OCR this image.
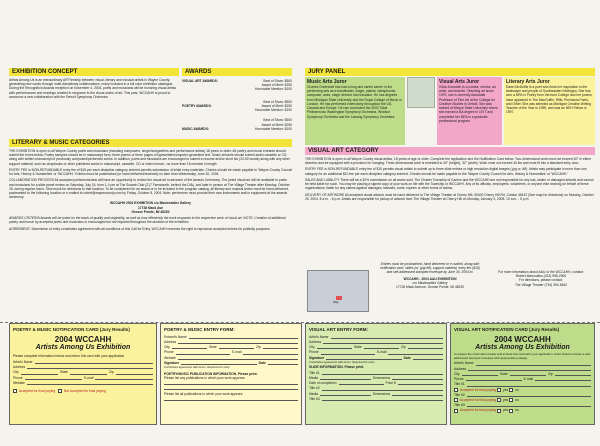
EXHIBITION CONCEPT

Artists Among Us is an extraordinary ART'tenship between visual, literary and musical artists in Wayne County, generating new works through multi-disciplinary collaborations, many included in a full color exhibition catalogue. During the Recognition Awards reception on November 4, 2004, poets and musicians will be honoring visual artists with performances and readings created in response to the visual works of art. This year, WCCAHH is proud to announce a new collaboration with the Detroit Symphony Orchestra.

AWARDS
VISUAL ART AWARDS:	Best of Show: $500
Award of Merit: $250
Honorable Mention: $100
POETRY AWARDS:
Best of Show: $500
Award of Merit: $250
Honorable Mention: $100
MUSIC AWARDS:
Best of Show: $500
Award of Merit: $250
Honorable Mention: $100
LITERARY & MUSIC CATEGORIES

THE EXHIBITION is open to all Wayne County poets and musicians (including composers, singer/songwriters and performance artists) 18 years or older. All poetry and music entrants should submit the forms below. Poetry samples should be in manuscript form, three poems or three pages of typewritten/computer-generated text. Music entrants should submit audio cassette or CD, along with written manuscript of previously composed/performed works. In addition, poets and musicians are encouraged to submit a resume and/or short bio (20-50 words) along with any other support material, such as chapbooks or other published works in manuscript, cassette, CD or video format - no more than 15 minutes in length.

ENTRY FEE is NON-REFUNDABLE entry fee of $15 per each discipline category entered permits submission of initial entry materials. Checks should be made payable to 'Wayne County Council for Arts, History & Humanities' or 'WCCAHH.' Entries must be postmarked (or hand delivered/received) no later than Wednesday, June 30, 2004.

COLLABORATION PROCESS All accepted poets/musicians will have an opportunity to review the visual art in advance of the Awards Ceremony. The juried visual art will be available to poets and musicians for a slide panel review on Saturday, July 24, from 1-4 pm at The Scarab Club (217 Farnsworth, behind the DIA), and later in person at The Village Theater after Monday, October 28, during regular hours. Give mock for directions to that location. To be considered for an award or to be included in the program catalog, all literary and musical works must be hand-delivered, postmarked to the following location or e-mailed to robert@waynecounty.com by Friday, October 8, 2004. Note: performers must provide their own instruments and/or equipment at the awards ceremony.

WCCAHH 2004 EXHIBITION c/o Masiecadiez Gallery
17728 Mack Ave
Grosse Pointe, MI 48230

AWARDS CRITERIA Awards will be juried on the basis of quality and originality, as well as how effectively the work responds to the respective work of visual art. NOTE: Creation of additional poetry and music by accepted poets and musicians is encouraged but not required throughout the duration of the exhibition.

AGREEMENT: Submission of entry constitutes agreement with all conditions of this Call for Entry. WCCAHH reserves the right to reproduce accepted entries for publicity purposes.

JURY PANEL
Music Arts Juror
Charles Greenwell has had a long and varied career in the performing arts as a bandleader, singer, pianist, vibraphonist, composer, actor, stage director and educator. He has degrees from Michigan State University and the Royal College of Music in London. He has performed extensively throughout the US, Canada and Europe. He has conducted the 2002 Tokai Philharmonic Washington Symphony Orchestra, Windsor Symphony Orchestra and the Lansing Symphony Orchestra.
Visual Arts Juror
Gilda Snowden is a curator, mentor, an artist, and teacher. Teaching art since 1979, she is currently Associate Professor of Fine Art at the College for Creative Studies in Detroit. She was trained at Wayne State University where she earned a BA degree in 1977 and completed her MFA in a graduate professional program.
Literary Arts Juror
Dawn McDuffie is a poet who finds her inspiration in the landscape and people of Southeastern Michigan. She has won a MFA in Poetry from Vermont College and her poems have appeared in The MacGuffin, Riffs, Peninsula Poets, and Other. She was selected as Michigan Creative Writing Teacher of the Year in 1999, and was an NEH Fellow in 1997.
VISUAL ART CATEGORY

THE EXHIBITION is open to all Wayne County visual artists, 18 years of age or older. Complete the application and the Notification Card below. Two-dimensional work must not exceed 40" in either direction and be equipped with a provision for hanging. Three-dimensional work is restricted to 40" (height), 32" (width). Work must not exceed 40 lbs and must fit into a standard entry door.

ENTRY FEE is NON-REFUNDABLE entry fee of $15 permits visual artists to submit up to three slide entries or high resolution digital images (.jpg or .tiff). Artists may participate in more than one category for an additional $10 fee per each discipline category entered. Checks should be made payable to the 'Wayne County Council for Arts, History & Humanities' or 'WCCAHH.'

SALES AND LIABILITY There will be a 30% commission on all works sold. The Charter Township of Canton and the WCCAHH are not responsible for any lost, stolen or damaged artwork and cannot be held liable for such. You may be placing a signed copy of your work on file with the Township or WCCAHH. Any of its officials, employees, volunteers, or anyone else working on behalf of these organizations, liable for any claims against damages, lawsuits, costs, injuries or other forms of claims.

DELIVERY OF ARTWORK All accepted visual artwork must be hand delivered to The Village Theater at Cherry Hill, 50400 Cherry Hill Rd, Canton 48187 (See map for directions) on Monday, October 25, 2004, 8 a.m. - 6 p.m. Artists are responsible for pickup of artwork from The Village Theater at Cherry Hill on Monday, January 3, 2005, 10 a.m. - 5 p.m.

Map
Entries must be postmarked, hand delivered or e-mailed, along with notification card, slides (or .jpg/.tiff), support material, entry fee ($15) and self-addressed stamped envelope by June 30, 2004 to:
WCCAHH - 2004 AAU EXHIBITION
c/o Masiecadiez Gallery
17728 Mack Avenue, Grosse Pointe, MI 48230
For more information about AAU or the WCCAHH, contact:
Robert Marcoultus (313) 995-2900
For directions, please contact:
The Village Theater (734) 394-5460
POETRY & MUSIC NOTIFICATION CARD (Jury Results)
2004 WCCAHH
Artists Among Us Exhibition
Please complete information below and return this card with your application.
Artist's Name
Address
City	State	Zip
Phone	E-mail
Website
Accepted for final jurying	Not Accepted for final jurying
POETRY & MUSIC ENTRY FORM:
Entrant's Name
Address
City	State	Zip
Phone	E-mail
Website
Signature	Date
Constitutes agreement with terms. Required for entry
POETRY/MUSIC PUBLICATION INFORMATION. Please print.
Please list any publications in which your work appears.
Please list all publications in which your work appears.
VISUAL ART ENTRY FORM:
Artist's Name
Address
City	State	Zip
Phone	E-mail
Signature	Date
Constitutes agreement with terms. Required for entry
SLIDE INFORMATION. Please print.
Title #1
Media	Dimensions
Date of completion	Price $
Title #2
Media	Dimensions
Title #3
VISUAL ART NOTIFICATION CARD (Jury Results)
2004 WCCAHH
Artists Among Us Exhibition
Complete the information below and include this card with your application. Artist should enclose a self-addressed stamped envelope with appropriate postage.
Artist's Name
Address
City	State	Zip
Phone	E-mail
Title #1
Accepted for final jurying yes no
Title #2
Accepted for final jurying yes no
Title #3
Accepted for final jurying yes no
